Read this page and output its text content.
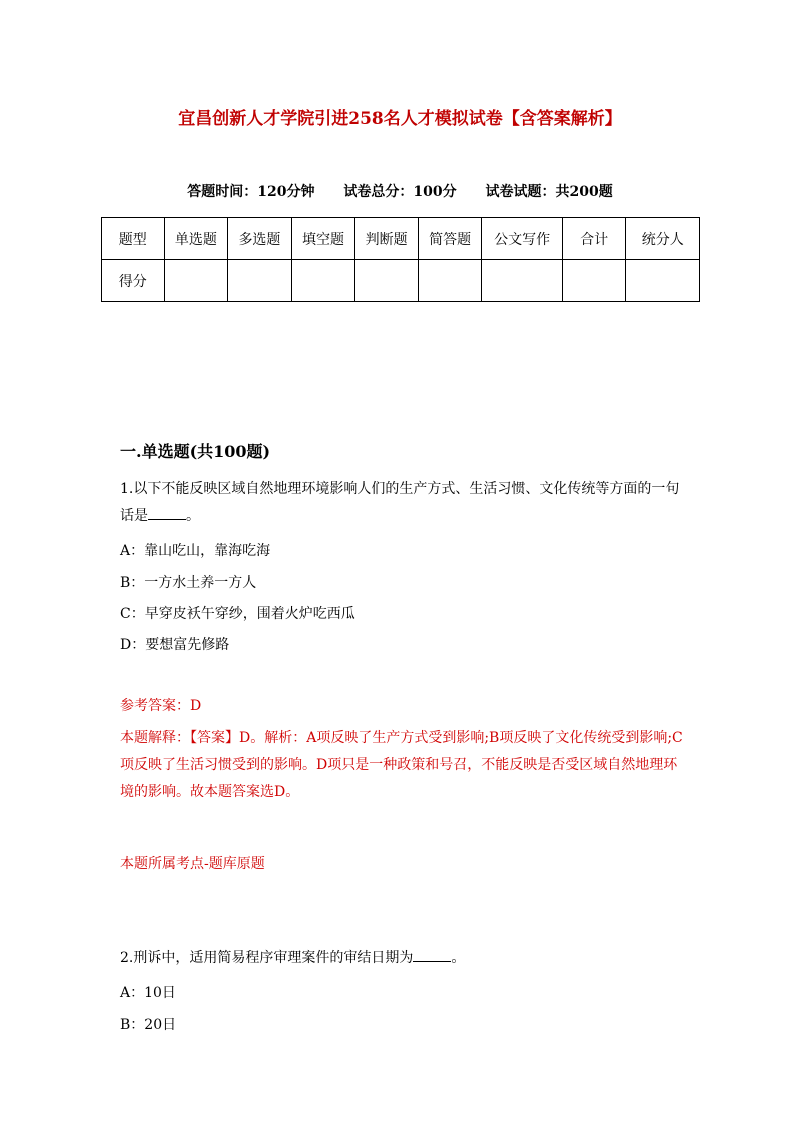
宜昌创新人才学院引进258名人才模拟试卷【含答案解析】
答题时间：120分钟 试卷总分：100分 试卷试题：共200题
题型	单选题	多选题	填空题	判断题	简答题	公文写作	合计	统分人
得分								
一.单选题(共100题)
1.以下不能反映区域自然地理环境影响人们的生产方式、生活习惯、文化传统等方面的一句话是	。
A：靠山吃山，靠海吃海
B：一方水土养一方人
C：早穿皮袄午穿纱，围着火炉吃西瓜
D：要想富先修路
参考答案：D
本题解释：【答案】D。解析：A项反映了生产方式受到影响;B项反映了文化传统受到影响;C项反映了生活习惯受到的影响。D项只是一种政策和号召，不能反映是否受区域自然地理环境的影响。故本题答案选D。
本题所属考点-题库原题
2.刑诉中，适用简易程序审理案件的审结日期为	。
A：10日
B：20日
